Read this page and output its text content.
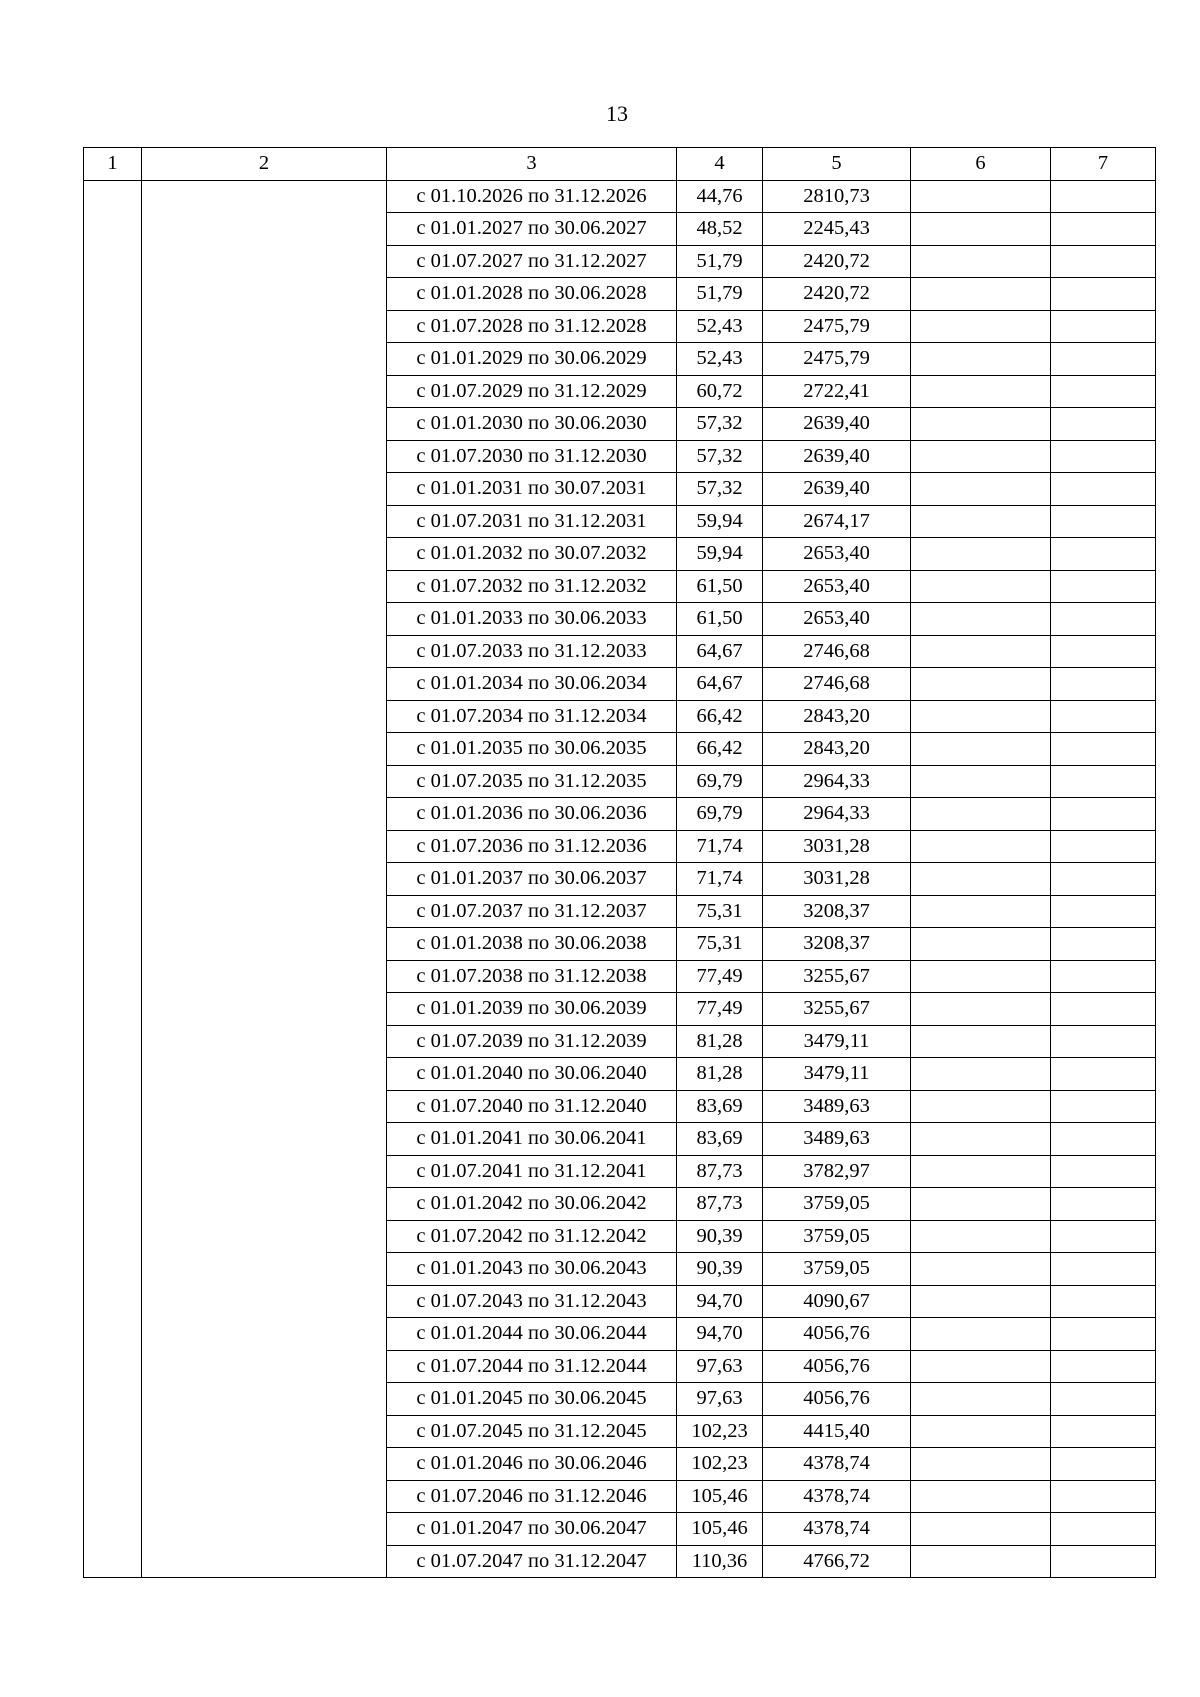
13
1	2	3	4	5	6	7
		с 01.10.2026 по 31.12.2026	44,76	2810,73		
		с 01.01.2027 по 30.06.2027	48,52	2245,43		
		с 01.07.2027 по 31.12.2027	51,79	2420,72		
		с 01.01.2028 по 30.06.2028	51,79	2420,72		
		с 01.07.2028 по 31.12.2028	52,43	2475,79		
		с 01.01.2029 по 30.06.2029	52,43	2475,79		
		с 01.07.2029 по 31.12.2029	60,72	2722,41		
		с 01.01.2030 по 30.06.2030	57,32	2639,40		
		с 01.07.2030 по 31.12.2030	57,32	2639,40		
		с 01.01.2031 по 30.07.2031	57,32	2639,40		
		с 01.07.2031 по 31.12.2031	59,94	2674,17		
		с 01.01.2032 по 30.07.2032	59,94	2653,40		
		с 01.07.2032 по 31.12.2032	61,50	2653,40		
		с 01.01.2033 по 30.06.2033	61,50	2653,40		
		с 01.07.2033 по 31.12.2033	64,67	2746,68		
		с 01.01.2034 по 30.06.2034	64,67	2746,68		
		с 01.07.2034 по 31.12.2034	66,42	2843,20		
		с 01.01.2035 по 30.06.2035	66,42	2843,20		
		с 01.07.2035 по 31.12.2035	69,79	2964,33		
		с 01.01.2036 по 30.06.2036	69,79	2964,33		
		с 01.07.2036 по 31.12.2036	71,74	3031,28		
		с 01.01.2037 по 30.06.2037	71,74	3031,28		
		с 01.07.2037 по 31.12.2037	75,31	3208,37		
		с 01.01.2038 по 30.06.2038	75,31	3208,37		
		с 01.07.2038 по 31.12.2038	77,49	3255,67		
		с 01.01.2039 по 30.06.2039	77,49	3255,67		
		с 01.07.2039 по 31.12.2039	81,28	3479,11		
		с 01.01.2040 по 30.06.2040	81,28	3479,11		
		с 01.07.2040 по 31.12.2040	83,69	3489,63		
		с 01.01.2041 по 30.06.2041	83,69	3489,63		
		с 01.07.2041 по 31.12.2041	87,73	3782,97		
		с 01.01.2042 по 30.06.2042	87,73	3759,05		
		с 01.07.2042 по 31.12.2042	90,39	3759,05		
		с 01.01.2043 по 30.06.2043	90,39	3759,05		
		с 01.07.2043 по 31.12.2043	94,70	4090,67		
		с 01.01.2044 по 30.06.2044	94,70	4056,76		
		с 01.07.2044 по 31.12.2044	97,63	4056,76		
		с 01.01.2045 по 30.06.2045	97,63	4056,76		
		с 01.07.2045 по 31.12.2045	102,23	4415,40		
		с 01.01.2046 по 30.06.2046	102,23	4378,74		
		с 01.07.2046 по 31.12.2046	105,46	4378,74		
		с 01.01.2047 по 30.06.2047	105,46	4378,74		
		с 01.07.2047 по 31.12.2047	110,36	4766,72		
